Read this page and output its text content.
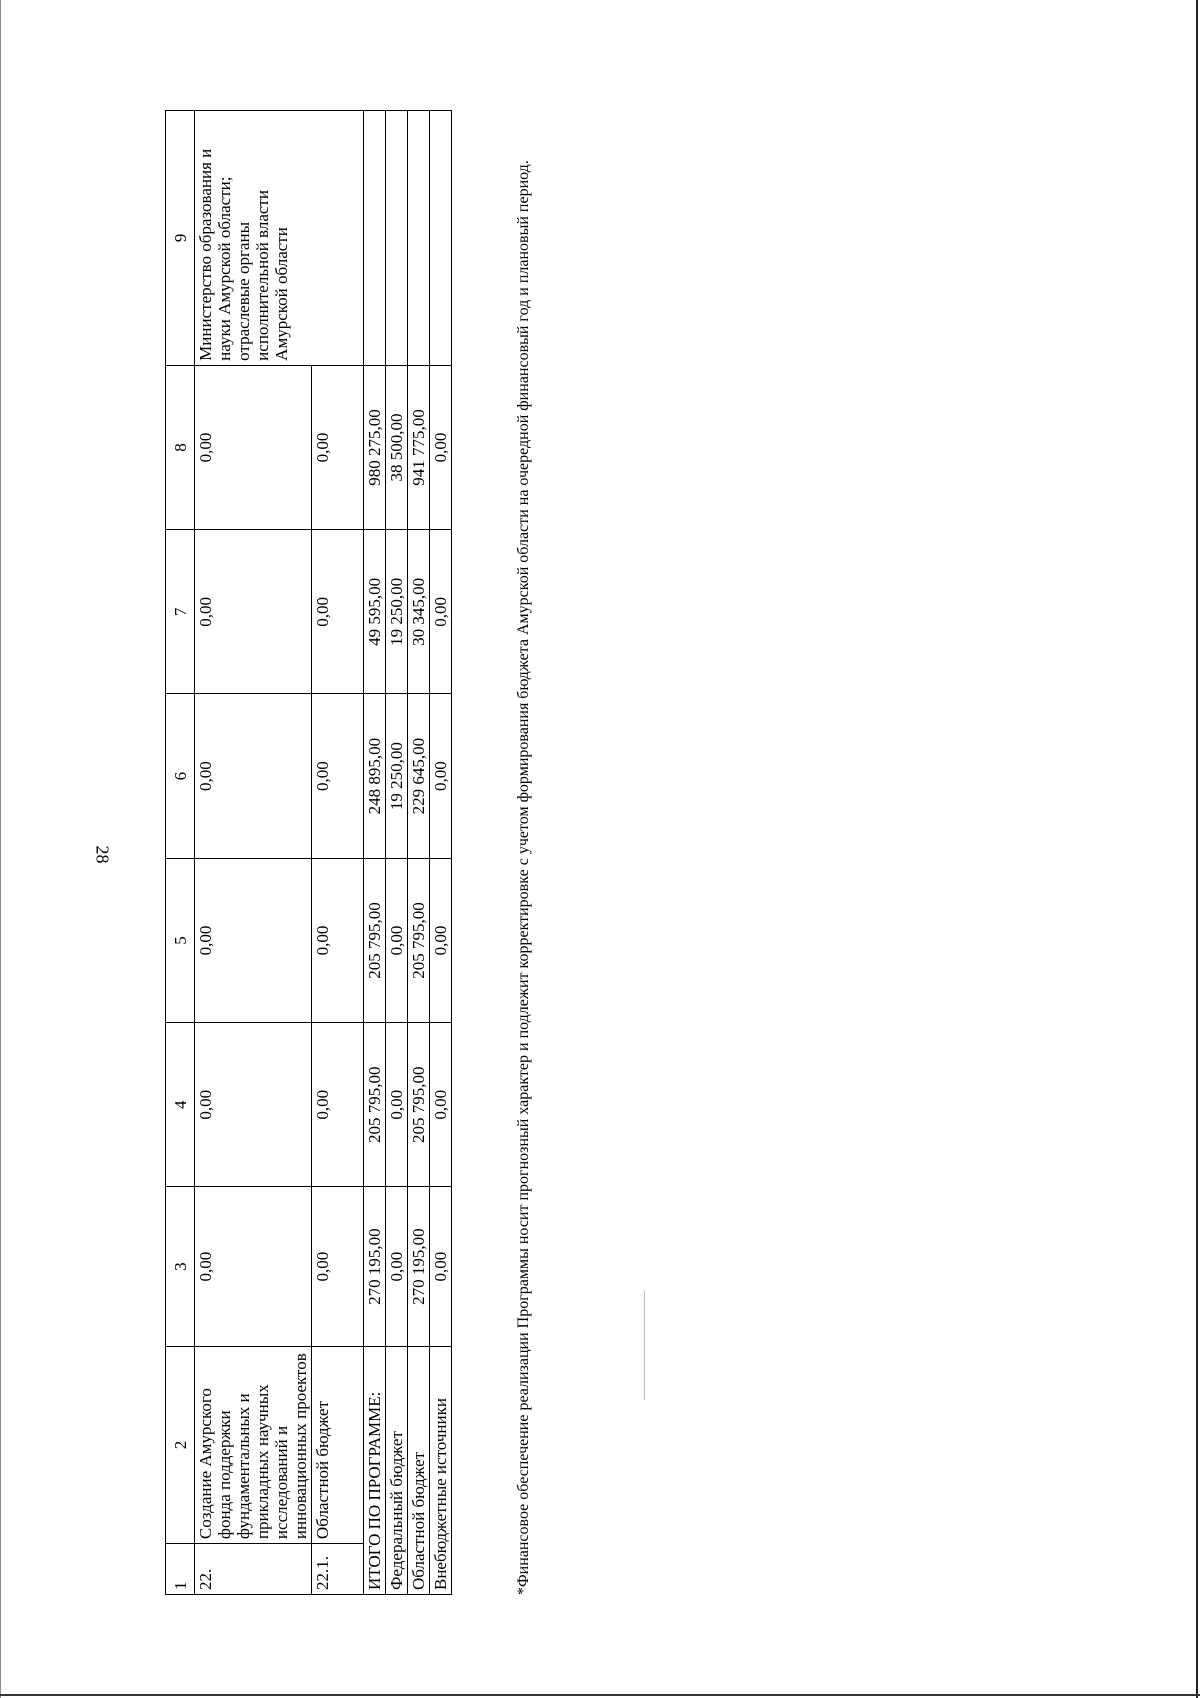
28
1	2	3	4	5	6	7	8	9
22.	Создание Амурского фонда поддержки фундаментальных и прикладных научных исследований и инновационных проектов	0,00	0,00	0,00	0,00	0,00	0,00	Министерство образования и науки Амурской области; отраслевые органы исполнительной власти Амурской области
22.1.	Областной бюджет	0,00	0,00	0,00	0,00	0,00	0,00	
ИТОГО ПО ПРОГРАММЕ:		270 195,00	205 795,00	205 795,00	248 895,00	49 595,00	980 275,00	
Федеральный бюджет		0,00	0,00	0,00	19 250,00	19 250,00	38 500,00	
Областной бюджет		270 195,00	205 795,00	205 795,00	229 645,00	30 345,00	941 775,00	
Внебюджетные источники		0,00	0,00	0,00	0,00	0,00	0,00		*Финансовое обеспечение реализации Программы носит прогнозный характер и подлежит корректировке с учетом формирования бюджета Амурской области на очередной финансовый год и плановый период.
